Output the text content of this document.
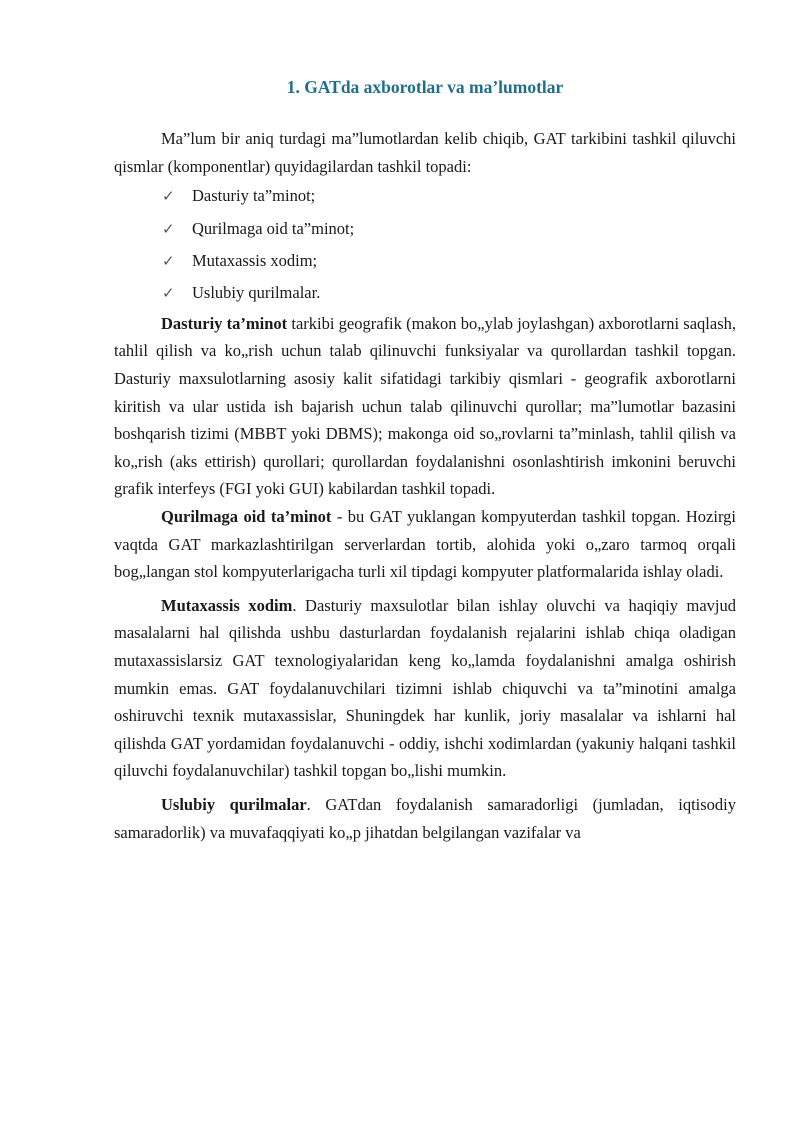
1. GATda axborotlar va ma’lumotlar

Ma”lum bir aniq turdagi ma”lumotlardan kelib chiqib, GAT tarkibini tashkil qiluvchi qismlar (komponentlar) quyidagilardan tashkil topadi:

✓ Dasturiy ta”minot;
✓ Qurilmaga oid ta”minot;
✓ Mutaxassis xodim;
✓ Uslubiy qurilmalar.

Dasturiy ta’minot tarkibi geografik (makon bo„ylab joylashgan) axborotlarni saqlash, tahlil qilish va ko„rish uchun talab qilinuvchi funksiyalar va qurollardan tashkil topgan. Dasturiy maxsulotlarning asosiy kalit sifatidagi tarkibiy qismlari - geografik axborotlarni kiritish va ular ustida ish bajarish uchun talab qilinuvchi qurollar; ma”lumotlar bazasini boshqarish tizimi (MBBT yoki DBMS); makonga oid so„rovlarni ta”minlash, tahlil qilish va ko„rish (aks ettirish) qurollari; qurollardan foydalanishni osonlashtirish imkonini beruvchi grafik interfeys (FGI yoki GUI) kabilardan tashkil topadi.

Qurilmaga oid ta’minot - bu GAT yuklangan kompyuterdan tashkil topgan. Hozirgi vaqtda GAT markazlashtirilgan serverlardan tortib, alohida yoki o„zaro tarmoq orqali bog„langan stol kompyuterlarigacha turli xil tipdagi kompyuter platformalarida ishlay oladi.

Mutaxassis xodim. Dasturiy maxsulotlar bilan ishlay oluvchi va haqiqiy mavjud masalalarni hal qilishda ushbu dasturlardan foydalanish rejalarini ishlab chiqa oladigan mutaxassislarsiz GAT texnologiyalaridan keng ko„lamda foydalanishni amalga oshirish mumkin emas. GAT foydalanuvchilari tizimni ishlab chiquvchi va ta”minotini amalga oshiruvchi texnik mutaxassislar, Shuningdek har kunlik, joriy masalalar va ishlarni hal qilishda GAT yordamidan foydalanuvchi - oddiy, ishchi xodimlardan (yakuniy halqani tashkil qiluvchi foydalanuvchilar) tashkil topgan bo„lishi mumkin.

Uslubiy qurilmalar. GATdan foydalanish samaradorligi (jumladan, iqtisodiy samaradorlik) va muvafaqqiyati ko„p jihatdan belgilangan vazifalar va
